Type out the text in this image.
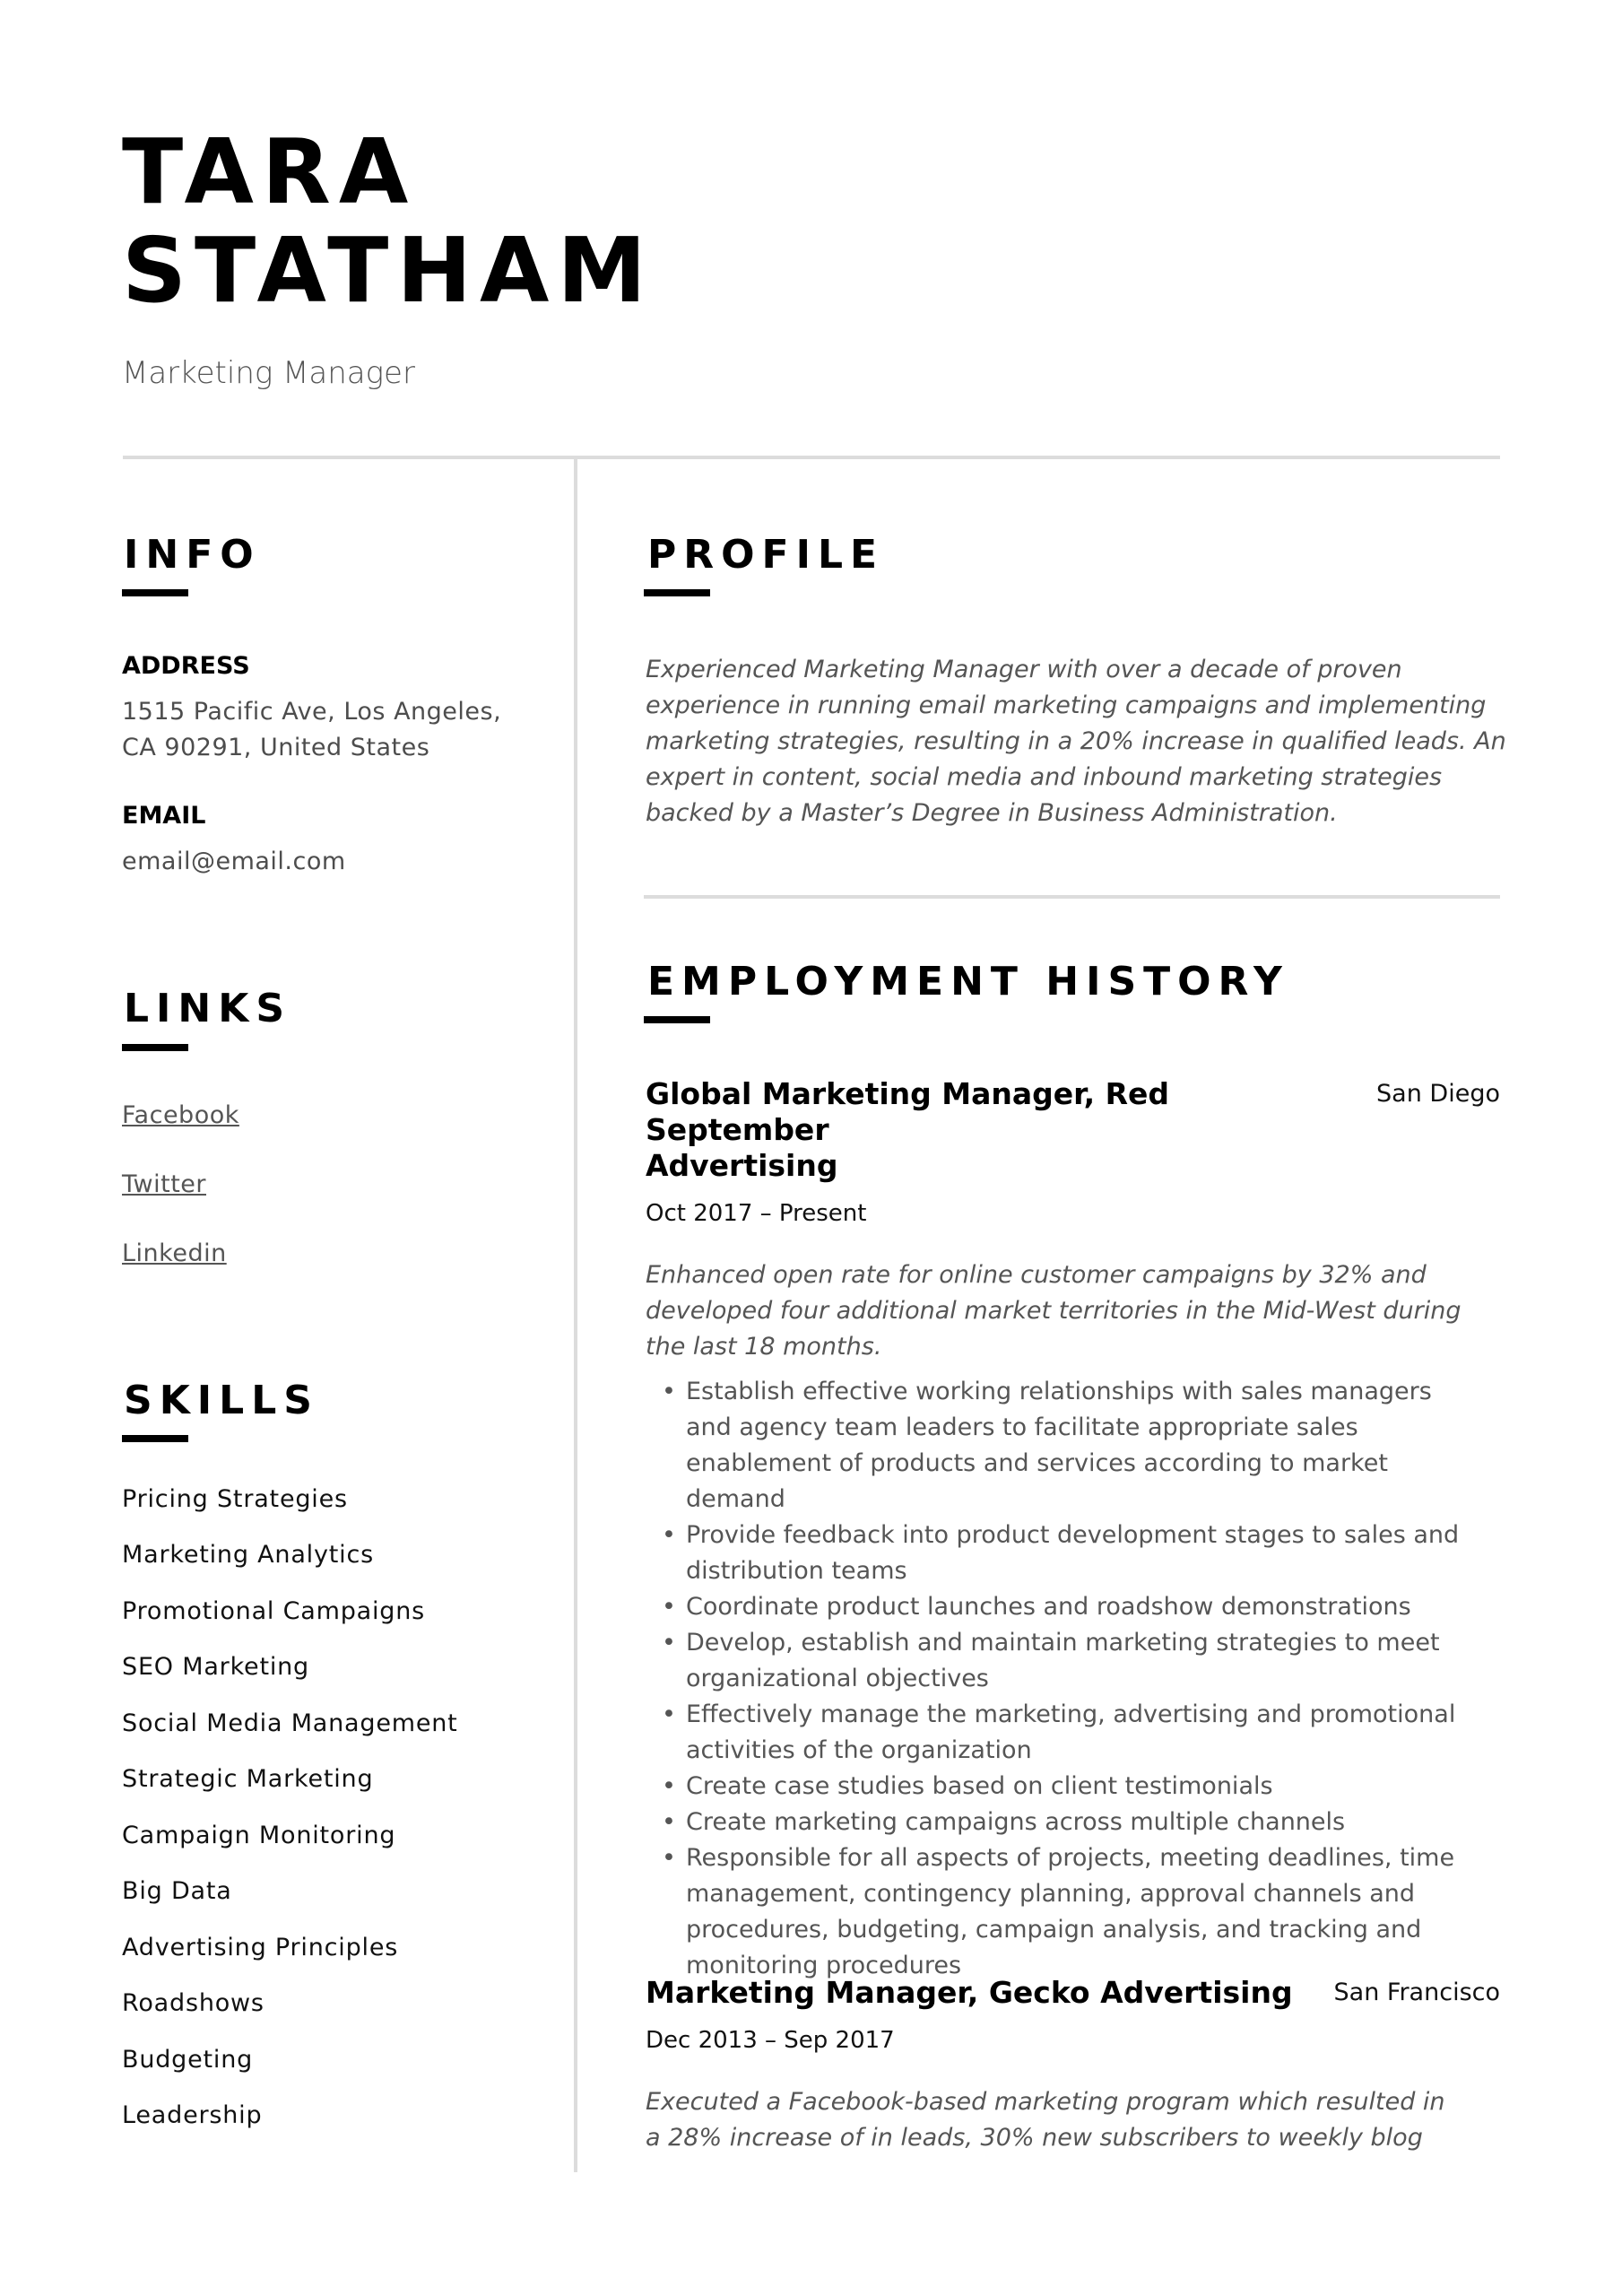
TARA
STATHAM
Marketing Manager
INFO
ADDRESS
1515 Pacific Ave, Los Angeles,
CA 90291, United States
EMAIL
email@email.com
LINKS
Facebook
Twitter
Linkedin
SKILLS
Pricing Strategies
Marketing Analytics
Promotional Campaigns
SEO Marketing
Social Media Management
Strategic Marketing
Campaign Monitoring
Big Data
Advertising Principles
Roadshows
Budgeting
Leadership
PROFILE
Experienced Marketing Manager with over a decade of proven
experience in running email marketing campaigns and implementing
marketing strategies, resulting in a 20% increase in qualified leads. An
expert in content, social media and inbound marketing strategies
backed by a Master’s Degree in Business Administration.
EMPLOYMENT HISTORY
Global Marketing Manager, Red September
Advertising
San Diego
Oct 2017 – Present
Enhanced open rate for online customer campaigns by 32% and
developed four additional market territories in the Mid-West during
the last 18 months.
• Establish effective working relationships with sales managers and agency team leaders to facilitate appropriate sales enablement of products and services according to market demand
• Provide feedback into product development stages to sales and distribution teams
• Coordinate product launches and roadshow demonstrations
• Develop, establish and maintain marketing strategies to meet organizational objectives
• Effectively manage the marketing, advertising and promotional activities of the organization
• Create case studies based on client testimonials
• Create marketing campaigns across multiple channels
• Responsible for all aspects of projects, meeting deadlines, time management, contingency planning, approval channels and procedures, budgeting, campaign analysis, and tracking and monitoring procedures
Marketing Manager, Gecko Advertising	San Francisco
Dec 2013 – Sep 2017
Executed a Facebook-based marketing program which resulted in
a 28% increase of in leads, 30% new subscribers to weekly blog
